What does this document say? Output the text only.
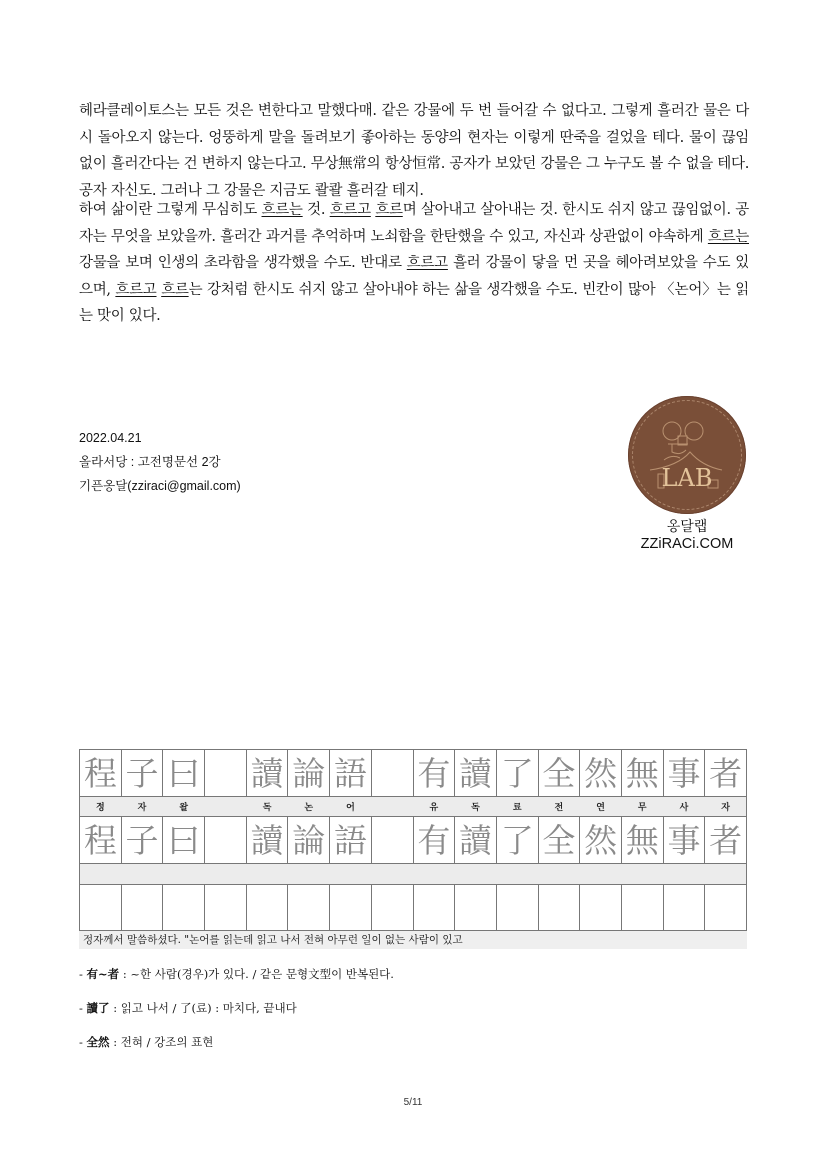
헤라클레이토스는 모든 것은 변한다고 말했다매. 같은 강물에 두 번 들어갈 수 없다고. 그렇게 흘러간 물은 다시 돌아오지 않는다. 엉뚱하게 말을 돌려보기 좋아하는 동양의 현자는 이렇게 딴죽을 걸었을 테다. 물이 끊임없이 흘러간다는 건 변하지 않는다고. 무상無常의 항상恒常. 공자가 보았던 강물은 그 누구도 볼 수 없을 테다. 공자 자신도. 그러나 그 강물은 지금도 콸콸 흘러갈 테지.

하여 삶이란 그렇게 무심히도 흐르는 것. 흐르고 흐르며 살아내고 살아내는 것. 한시도 쉬지 않고 끊임없이. 공자는 무엇을 보았을까. 흘러간 과거를 추억하며 노쇠함을 한탄했을 수 있고, 자신과 상관없이 야속하게 흐르는 강물을 보며 인생의 초라함을 생각했을 수도. 반대로 흐르고 흘러 강물이 닿을 먼 곳을 헤아려보았을 수도 있으며, 흐르고 흐르는 강처럼 한시도 쉬지 않고 살아내야 하는 삶을 생각했을 수도. 빈칸이 많아 〈논어〉는 읽는 맛이 있다.

2022.04.21
올라서당 : 고전명문선 2강
기픈옹달(zziraci@gmail.com)	LAB
옹달랩
ZZiRACi.COM
程	子	曰		讀	論	語		有	讀	了	全	然	無	事	者
정	자	왈		독	논	어		유	독	료	전	연	무	사	자
程	子	曰		讀	論	語		有	讀	了	全	然	無	事	者

정자께서 말씀하셨다. "논어를 읽는데 읽고 나서 전혀 아무런 일이 없는 사람이 있고
- 有~者 : ~한 사람(경우)가 있다. / 같은 문형文型이 반복된다.
- 讀了 : 읽고 나서 / 了(료) : 마치다, 끝내다
- 全然 : 전혀 / 강조의 표현
5/11
